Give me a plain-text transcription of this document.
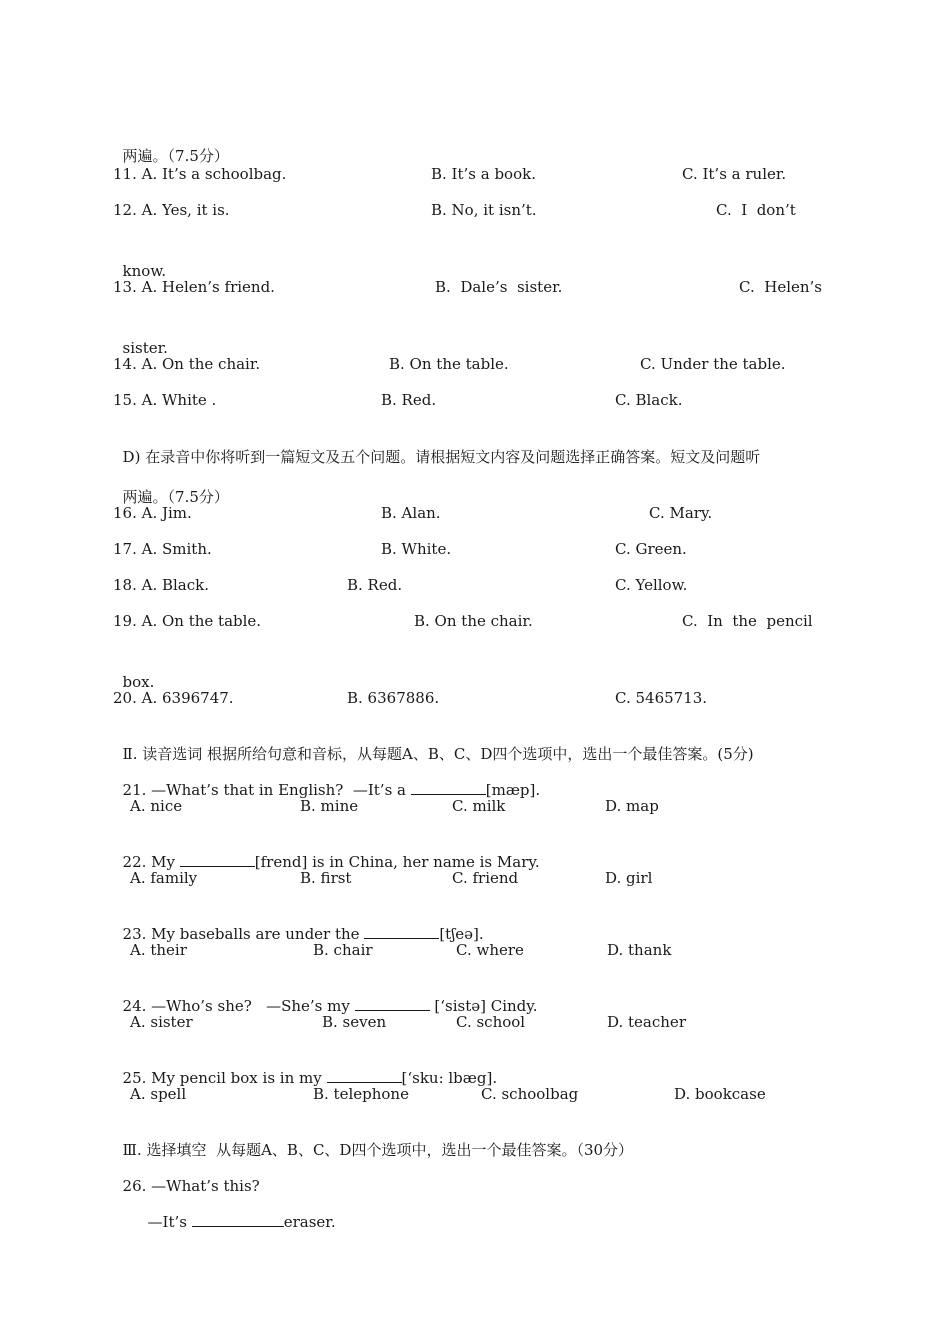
两遍。（7.5分）

11. A. It’s a schoolbag.

	B. It’s a book.

	C. It’s a ruler.

12. A. Yes, it is.

	B. No, it isn’t.

	C.  I  don’t

know.

13. A. Helen’s friend.

	B.  Dale’s  sister.

	C.  Helen’s

sister.

14. A. On the chair.

	B. On the table.

	C. Under the table.

15. A. White .

	B. Red.

	C. Black.

D) 在录音中你将听到一篇短文及五个问题。请根据短文内容及问题选择正确答案。短文及问题听

两遍。（7.5分）

16. A. Jim.

	B. Alan.

	C. Mary.

17. A. Smith.

	B. White.

	C. Green.

18. A. Black.

	B. Red.

	C. Yellow.

19. A. On the table.

	B. On the chair.

	C.  In  the  pencil

box.

20. A. 6396747.

	B. 6367886.

	C. 5465713.

Ⅱ. 读音选词 根据所给句意和音标，从每题A、B、C、D四个选项中，选出一个最佳答案。(5分)

21. —What’s that in English?  —It’s a	[mæp].

A. nice

	B. mine

	C. milk

	D. map

22. My	[frend] is in China, her name is Mary.

A. family

	B. first

	C. friend

	D. girl

23. My baseballs are under the	[tʃeə].

A. their

	B. chair

	C. where

	D. thank

24. —Who’s she?   —She’s my	[‘sistə] Cindy.

A. sister

	B. seven

	C. school

	D. teacher

25. My pencil box is in my	[‘sku: lbæg].

A. spell

	B. telephone

	C. schoolbag

	D. bookcase

Ⅲ. 选择填空  从每题A、B、C、D四个选项中，选出一个最佳答案。（30分）

26. —What’s this?

—It’s	eraser.
